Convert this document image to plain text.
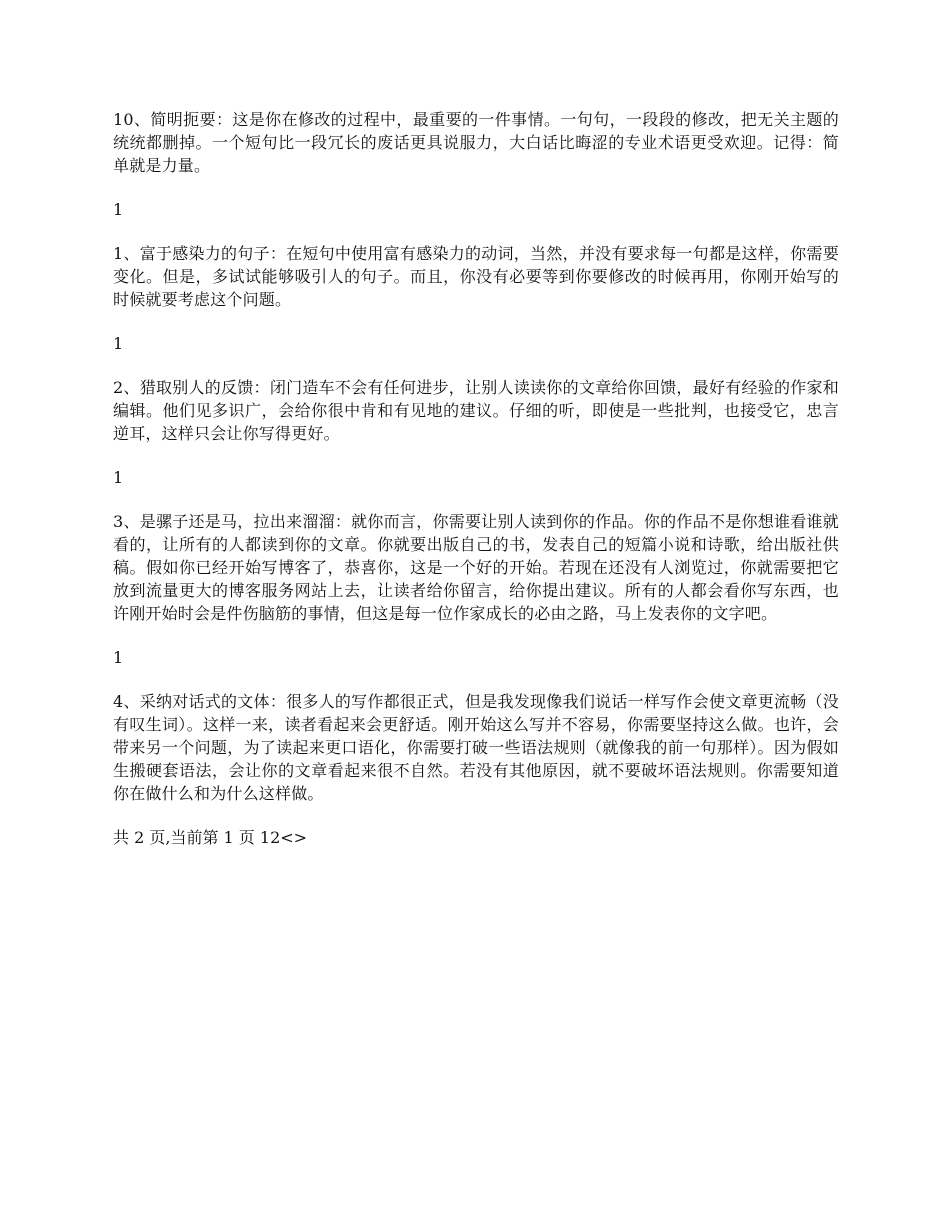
10、简明扼要：这是你在修改的过程中，最重要的一件事情。一句句，一段段的修改，把无关主题的统统都删掉。一个短句比一段冗长的废话更具说服力，大白话比晦涩的专业术语更受欢迎。记得：简单就是力量。

1

1、富于感染力的句子：在短句中使用富有感染力的动词，当然，并没有要求每一句都是这样，你需要变化。但是，多试试能够吸引人的句子。而且，你没有必要等到你要修改的时候再用，你刚开始写的时候就要考虑这个问题。

1

2、猎取别人的反馈：闭门造车不会有任何进步，让别人读读你的文章给你回馈，最好有经验的作家和编辑。他们见多识广，会给你很中肯和有见地的建议。仔细的听，即使是一些批判，也接受它，忠言逆耳，这样只会让你写得更好。

1

3、是骡子还是马，拉出来溜溜：就你而言，你需要让别人读到你的作品。你的作品不是你想谁看谁就看的，让所有的人都读到你的文章。你就要出版自己的书，发表自己的短篇小说和诗歌，给出版社供稿。假如你已经开始写博客了，恭喜你，这是一个好的开始。若现在还没有人浏览过，你就需要把它放到流量更大的博客服务网站上去，让读者给你留言，给你提出建议。所有的人都会看你写东西，也许刚开始时会是件伤脑筋的事情，但这是每一位作家成长的必由之路，马上发表你的文字吧。

1

4、采纳对话式的文体：很多人的写作都很正式，但是我发现像我们说话一样写作会使文章更流畅（没有叹生词）。这样一来，读者看起来会更舒适。刚开始这么写并不容易，你需要坚持这么做。也许，会带来另一个问题，为了读起来更口语化，你需要打破一些语法规则（就像我的前一句那样）。因为假如生搬硬套语法，会让你的文章看起来很不自然。若没有其他原因，就不要破坏语法规则。你需要知道你在做什么和为什么这样做。

共 2 页,当前第 1 页 12<>
